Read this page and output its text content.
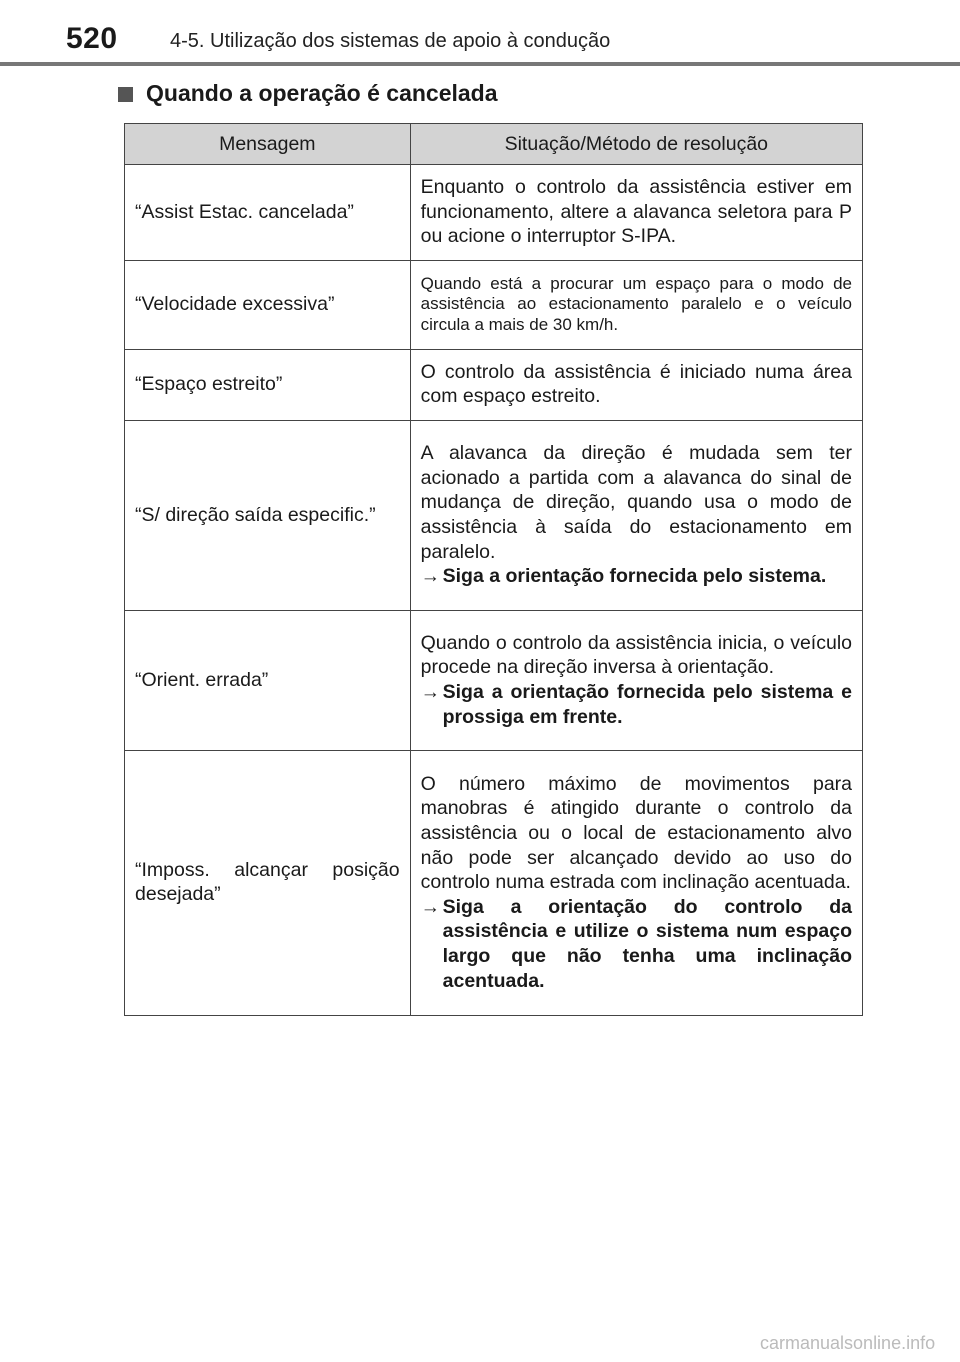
520	4-5. Utilização dos sistemas de apoio à condução
Quando a operação é cancelada
Mensagem	Situação/Método de resolução
“Assist Estac. cancelada”	Enquanto o controlo da assistência estiver em funcionamento, altere a alavanca seletora para P ou acione o interruptor S-IPA.

“Velocidade excessiva”	Quando está a procurar um espaço para o modo de assistência ao estacionamento paralelo e o veículo circula a mais de 30 km/h.

“Espaço estreito”	O controlo da assistência é iniciado numa área com espaço estreito.

“S/ direção saída especific.”	A alavanca da direção é mudada sem ter acionado a partida com a alavanca do sinal de mudança de direção, quando usa o modo de assistência à saída do estacionamento em paralelo.
→ Siga a orientação fornecida pelo sistema.

“Orient. errada”	Quando o controlo da assistência inicia, o veículo procede na direção inversa à orientação.
→ Siga a orientação fornecida pelo sistema e prossiga em frente.

“Imposs. alcançar posição desejada”	O número máximo de movimentos para manobras é atingido durante o controlo da assistência ou o local de estacionamento alvo não pode ser alcançado devido ao uso do controlo numa estrada com inclinação acentuada.
→ Siga a orientação do controlo da assistência e utilize o sistema num espaço largo que não tenha uma inclinação acentuada.
carmanualsonline.info
